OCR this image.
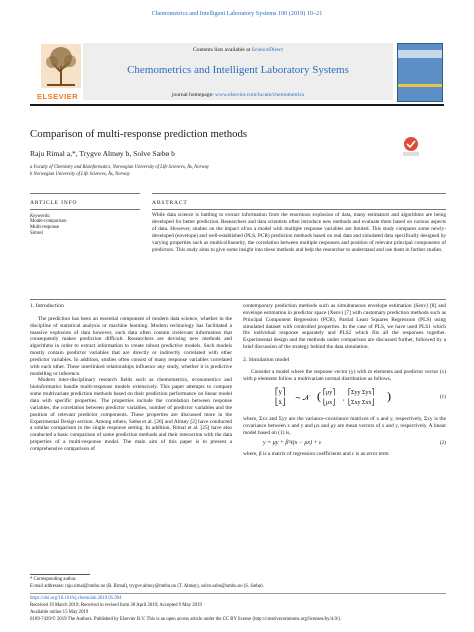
Chemometrics and Intelligent Laboratory Systems 190 (2019) 10–21
Contents lists available at ScienceDirect
Chemometrics and Intelligent Laboratory Systems
journal homepage: www.elsevier.com/locate/chemometrics
ELSEVIER
Comparison of multi-response prediction methods
Raju Rimal a,*, Trygve Almøy b, Solve Sæbø b
a Faculty of Chemistry and Bioinformatics, Norwegian University of Life Sciences, Ås, Norway
b Norwegian University of Life Sciences, Ås, Norway
ARTICLE INFO	ABSTRACT
Keywords:
Model-comparison
Multi-response
Simrel
While data science is battling to extract information from the enormous explosion of data, many estimators and algorithms are being developed for better prediction. Researchers and data scientists often introduce new methods and evaluate them based on various aspects of data. However, studies on the impact of/on a model with multiple response variables are limited. This study compares some newly-developed (envelope) and well-established (PLS, PCR) prediction methods based on real data and simulated data specifically designed by varying properties such as multicollinearity, the correlation between multiple responses and position of relevant principal components of predictors. This study aims to give some insight into these methods and help the researcher to understand and use them in further studies.
1. Introduction

The prediction has been an essential component of modern data science, whether in the discipline of statistical analysis or machine learning. Modern technology has facilitated a massive explosion of data however, such data often contain irrelevant information that consequently makes prediction difficult. Researchers are devising new methods and algorithms in order to extract information to create robust predictive models. Such models mostly contain predictor variables that are directly or indirectly correlated with other predictor variables. In addition, studies often consist of many response variables correlated with each other. These interlinked relationships influence any study, whether it is predictive modelling or inference.

Modern inter-disciplinary research fields such as chemometrics, econometrics and bioinformatics handle multi-response models extensively. This paper attempts to compare some multivariate prediction methods based on their prediction performance on linear model data with specific properties. The properties include the correlation between response variables, the correlation between predictor variables, number of predictor variables and the position of relevant predictor components. These properties are discussed more in the Experimental Design section. Among others, Sæbø et al. [26] and Almøy [2] have conducted a similar comparison in the single response setting. In addition, Rimal et al. [25] have also conducted a basic comparison of some prediction methods and their interaction with the data properties of a multi-response model. The main aim of this paper is to present a comprehensive comparison of

contemporary prediction methods such as simultaneous envelope estimation (Senv) [8] and envelope estimation in predictor space (Xenv) [7] with customary prediction methods such as Principal Component Regression (PCR), Partial Least Squares Regression (PLS) using simulated dataset with controlled properties. In the case of PLS, we have used PLS1 which fits individual response separately and PLS2 which fits all the responses together. Experimental design and the methods under comparison are discussed further, followed by a brief discussion of the strategy behind the data simulation.

2. Simulation model

Consider a model where the response vector (y) with m elements and predictor vector (x) with p elements follow a multivariate normal distribution as follows,

⎡y⎤
⎣x⎦ ∼ 𝒩 ( ⎡μy⎤
⎣μx⎦
,
⎡Σyy Σyx⎤
⎣Σxy Σxx⎦ )	(1)

where, Σxx and Σyy are the variance-covariance matrices of x and y, respectively, Σxy is the covariance between x and y and μx and μy are mean vectors of x and y, respectively. A linear model based on (1) is,

y = μy + β^t(x − μx) + ε	(2)

where, β is a matrix of regression coefficients and ε is an error term

* Corresponding author.
E-mail addresses: raju.rimal@nmbu.no (R. Rimal), trygve.almoy@nmbu.no (T. Almøy), solve.sabo@nmbu.no (S. Sæbø).
https://doi.org/10.1016/j.chemolab.2019.05.004
Received 19 March 2019; Received in revised form 30 April 2019; Accepted 9 May 2019
Available online 15 May 2019
0169-7439/© 2019 The Authors. Published by Elsevier B.V. This is an open access article under the CC BY license (http://creativecommons.org/licenses/by/4.0/).
